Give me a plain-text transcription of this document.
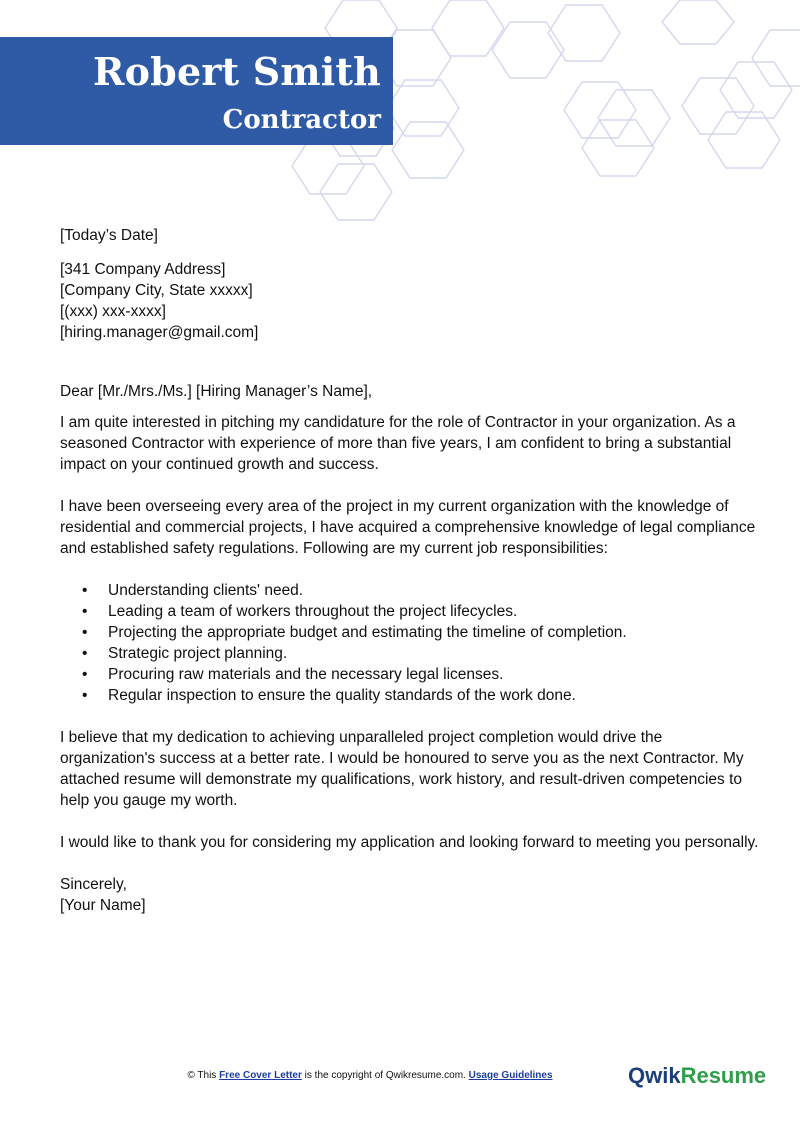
Robert Smith
Contractor

[Today’s Date]

[341 Company Address]

[Company City, State xxxxx]

[(xxx) xxx-xxxx]

[hiring.manager@gmail.com]

Dear [Mr./Mrs./Ms.] [Hiring Manager’s Name],

I am quite interested in pitching my candidature for the role of Contractor in your organization. As a seasoned Contractor with experience of more than five years, I am confident to bring a substantial impact on your continued growth and success.

I have been overseeing every area of the project in my current organization with the knowledge of residential and commercial projects, I have acquired a comprehensive knowledge of legal compliance and established safety regulations. Following are my current job responsibilities:

• Understanding clients' need.
• Leading a team of workers throughout the project lifecycles.
• Projecting the appropriate budget and estimating the timeline of completion.
• Strategic project planning.
• Procuring raw materials and the necessary legal licenses.
• Regular inspection to ensure the quality standards of the work done.

I believe that my dedication to achieving unparalleled project completion would drive the organization's success at a better rate. I would be honoured to serve you as the next Contractor. My attached resume will demonstrate my qualifications, work history, and result-driven competencies to help you gauge my worth.

I would like to thank you for considering my application and looking forward to meeting you personally.

Sincerely,

[Your Name]

© This Free Cover Letter is the copyright of Qwikresume.com. Usage Guidelines	QwikResume
